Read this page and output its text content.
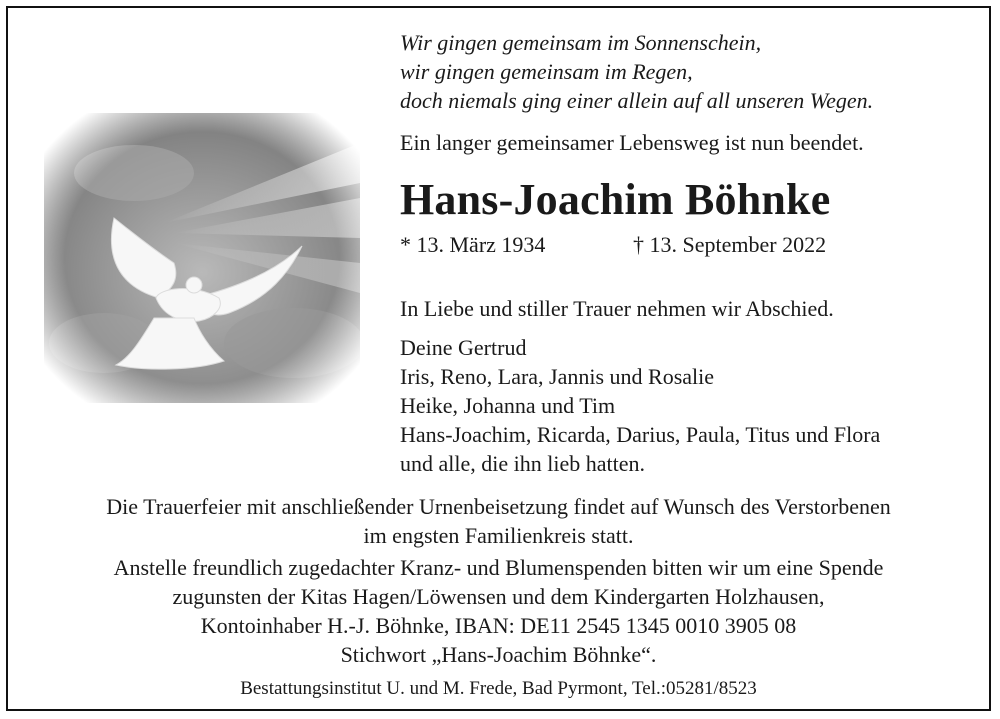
Wir gingen gemeinsam im Sonnenschein,
wir gingen gemeinsam im Regen,
doch niemals ging einer allein auf all unseren Wegen.
Ein langer gemeinsamer Lebensweg ist nun beendet.
Hans-Joachim Böhnke
* 13. März 1934	† 13. September 2022
In Liebe und stiller Trauer nehmen wir Abschied.
Deine Gertrud
Iris, Reno, Lara, Jannis und Rosalie
Heike, Johanna und Tim
Hans-Joachim, Ricarda, Darius, Paula, Titus und Flora
und alle, die ihn lieb hatten.
Die Trauerfeier mit anschließender Urnenbeisetzung findet auf Wunsch des Verstorbenen
im engsten Familienkreis statt.
Anstelle freundlich zugedachter Kranz- und Blumenspenden bitten wir um eine Spende
zugunsten der Kitas Hagen/Löwensen und dem Kindergarten Holzhausen,
Kontoinhaber H.-J. Böhnke, IBAN: DE11 2545 1345 0010 3905 08
Stichwort „Hans-Joachim Böhnke“.
Bestattungsinstitut U. und M. Frede, Bad Pyrmont, Tel.:05281/8523
